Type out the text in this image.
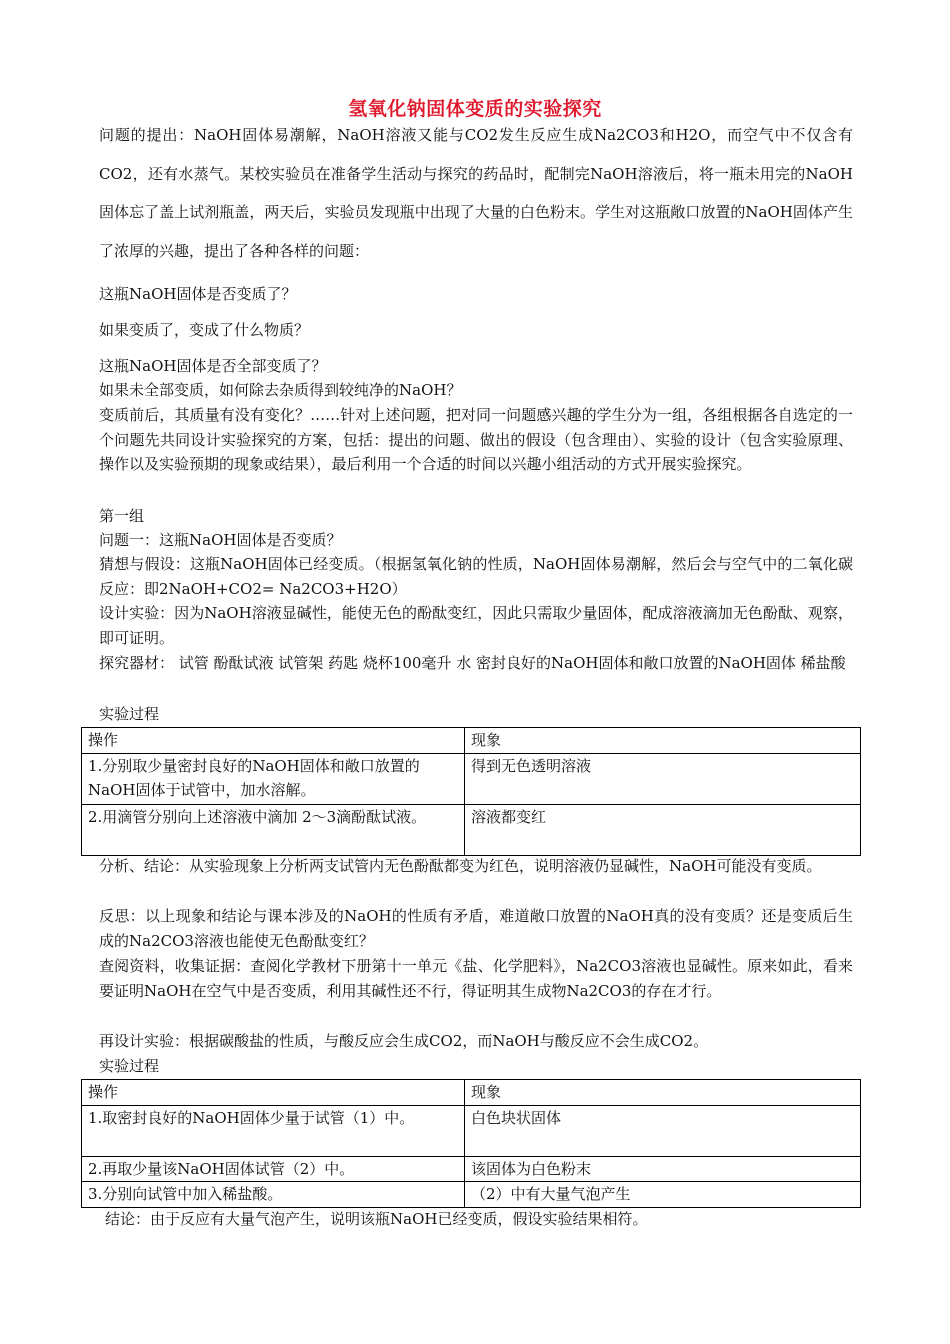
氢氧化钠固体变质的实验探究
问题的提出：NaOH固体易潮解，NaOH溶液又能与CO2发生反应生成Na2CO3和H2O，而空气中不仅含有CO2，还有水蒸气。某校实验员在准备学生活动与探究的药品时，配制完NaOH溶液后，将一瓶未用完的NaOH固体忘了盖上试剂瓶盖，两天后，实验员发现瓶中出现了大量的白色粉末。学生对这瓶敞口放置的NaOH固体产生了浓厚的兴趣，提出了各种各样的问题：
这瓶NaOH固体是否变质了？
如果变质了，变成了什么物质？
这瓶NaOH固体是否全部变质了？
如果未全部变质，如何除去杂质得到较纯净的NaOH？
变质前后，其质量有没有变化？……针对上述问题，把对同一问题感兴趣的学生分为一组，各组根据各自选定的一个问题先共同设计实验探究的方案，包括：提出的问题、做出的假设（包含理由）、实验的设计（包含实验原理、操作以及实验预期的现象或结果），最后利用一个合适的时间以兴趣小组活动的方式开展实验探究。
第一组
问题一：这瓶NaOH固体是否变质？
猜想与假设：这瓶NaOH固体已经变质。（根据氢氧化钠的性质，NaOH固体易潮解，然后会与空气中的二氧化碳反应：即2NaOH+CO2= Na2CO3+H2O）
设计实验：因为NaOH溶液显碱性，能使无色的酚酞变红，因此只需取少量固体，配成溶液滴加无色酚酞、观察，即可证明。
探究器材： 试管 酚酞试液 试管架 药匙 烧杯100毫升 水 密封良好的NaOH固体和敞口放置的NaOH固体 稀盐酸
实验过程
操作	现象
1.分别取少量密封良好的NaOH固体和敞口放置的NaOH固体于试管中，加水溶解。	得到无色透明溶液
2.用滴管分别向上述溶液中滴加 2～3滴酚酞试液。	溶液都变红
分析、结论：从实验现象上分析两支试管内无色酚酞都变为红色，说明溶液仍显碱性，NaOH可能没有变质。
反思：以上现象和结论与课本涉及的NaOH的性质有矛盾，难道敞口放置的NaOH真的没有变质？还是变质后生成的Na2CO3溶液也能使无色酚酞变红？
查阅资料，收集证据：查阅化学教材下册第十一单元《盐、化学肥料》，Na2CO3溶液也显碱性。原来如此，看来要证明NaOH在空气中是否变质，利用其碱性还不行，得证明其生成物Na2CO3的存在才行。
再设计实验：根据碳酸盐的性质，与酸反应会生成CO2，而NaOH与酸反应不会生成CO2。
实验过程
操作	现象
1.取密封良好的NaOH固体少量于试管（1）中。	白色块状固体
2.再取少量该NaOH固体试管（2）中。	该固体为白色粉末
3.分别向试管中加入稀盐酸。	（2）中有大量气泡产生
结论：由于反应有大量气泡产生，说明该瓶NaOH已经变质，假设实验结果相符。
